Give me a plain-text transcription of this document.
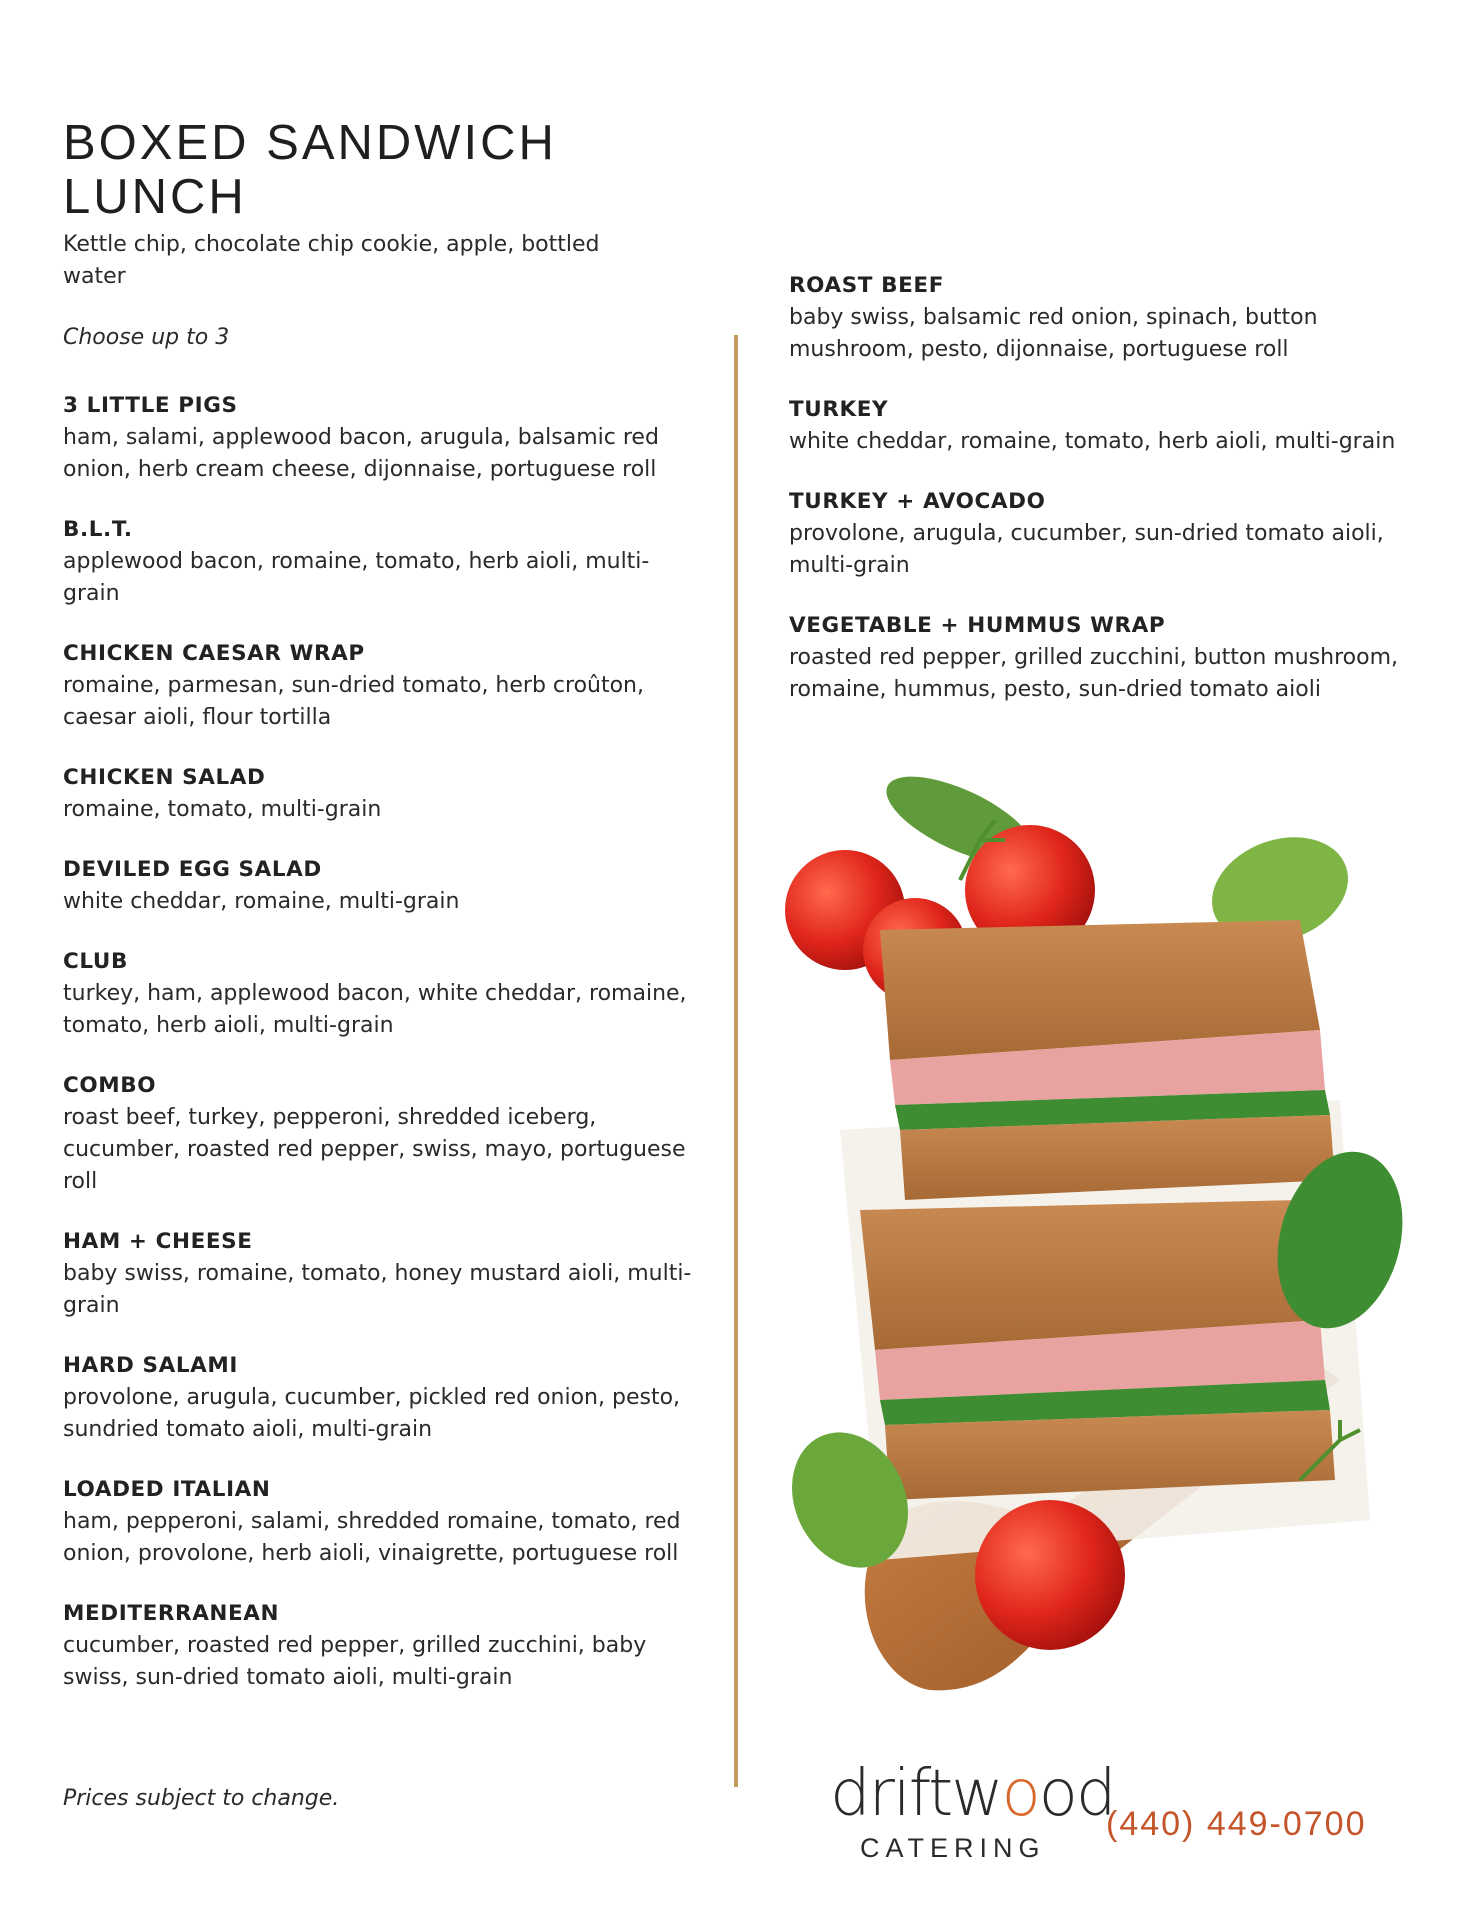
BOXED SANDWICH LUNCH
Kettle chip, chocolate chip cookie, apple, bottled water
Choose up to 3
3 LITTLE PIGS
ham, salami, applewood bacon, arugula, balsamic red onion, herb cream cheese, dijonnaise, portuguese roll
B.L.T.
applewood bacon, romaine, tomato, herb aioli, multi-grain
CHICKEN CAESAR WRAP
romaine, parmesan, sun-dried tomato, herb croûton, caesar aioli, flour tortilla
CHICKEN SALAD
romaine, tomato, multi-grain
DEVILED EGG SALAD
white cheddar, romaine, multi-grain
CLUB
turkey, ham, applewood bacon, white cheddar, romaine, tomato, herb aioli, multi-grain
COMBO
roast beef, turkey, pepperoni, shredded iceberg, cucumber, roasted red pepper, swiss, mayo, portuguese roll
HAM + CHEESE
baby swiss, romaine, tomato, honey mustard aioli, multi-grain
HARD SALAMI
provolone, arugula, cucumber, pickled red onion, pesto, sundried tomato aioli, multi-grain
LOADED ITALIAN
ham, pepperoni, salami, shredded romaine, tomato, red onion, provolone, herb aioli, vinaigrette, portuguese roll
MEDITERRANEAN
cucumber, roasted red pepper, grilled zucchini, baby swiss, sun-dried tomato aioli, multi-grain
ROAST BEEF
baby swiss, balsamic red onion, spinach, button mushroom, pesto, dijonnaise, portuguese roll
TURKEY
white cheddar, romaine, tomato, herb aioli, multi-grain
TURKEY + AVOCADO
provolone, arugula, cucumber, sun-dried tomato aioli, multi-grain
VEGETABLE + HUMMUS WRAP
roasted red pepper, grilled zucchini, button mushroom, romaine, hummus, pesto, sun-dried tomato aioli
Prices subject to change.	driftwood
CATERING
(440) 449-0700
